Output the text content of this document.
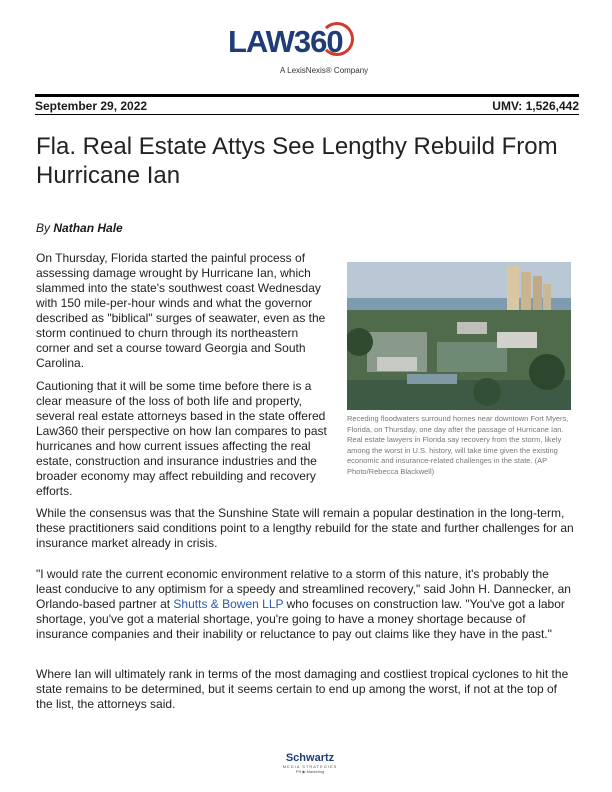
LAW360
A LexisNexis® Company
September 29, 2022	UMV: 1,526,442
Fla. Real Estate Attys See Lengthy Rebuild From Hurricane Ian
By Nathan Hale

On Thursday, Florida started the painful process of assessing damage wrought by Hurricane Ian, which slammed into the state's southwest coast Wednesday with 150 mile-per-hour winds and what the governor described as "biblical" surges of seawater, even as the storm continued to churn through its northeastern corner and set a course toward Georgia and South Carolina.

Receding floodwaters surround homes near downtown Fort Myers, Florida, on Thursday, one day after the passage of Hurricane Ian. Real estate lawyers in Florida say recovery from the storm, likely among the worst in U.S. history, will take time given the existing economic and insurance-related challenges in the state. (AP Photo/Rebecca Blackwell)

Cautioning that it will be some time before there is a clear measure of the loss of both life and property, several real estate attorneys based in the state offered Law360 their perspective on how Ian compares to past hurricanes and how current issues affecting the real estate, construction and insurance industries and the broader economy may affect rebuilding and recovery efforts.

While the consensus was that the Sunshine State will remain a popular destination in the long-term, these practitioners said conditions point to a lengthy rebuild for the state and further challenges for an insurance market already in crisis.

"I would rate the current economic environment relative to a storm of this nature, it's probably the least conducive to any optimism for a speedy and streamlined recovery," said John H. Dannecker, an Orlando-based partner at Shutts & Bowen LLP who focuses on construction law. "You've got a labor shortage, you've got a material shortage, you're going to have a money shortage because of insurance companies and their inability or reluctance to pay out claims like they have in the past."

Where Ian will ultimately rank in terms of the most damaging and costliest tropical cyclones to hit the state remains to be determined, but it seems certain to end up among the worst, if not at the top of the list, the attorneys said.

Schwartz
MEDIA STRATEGIES
PR ▶ Marketing
